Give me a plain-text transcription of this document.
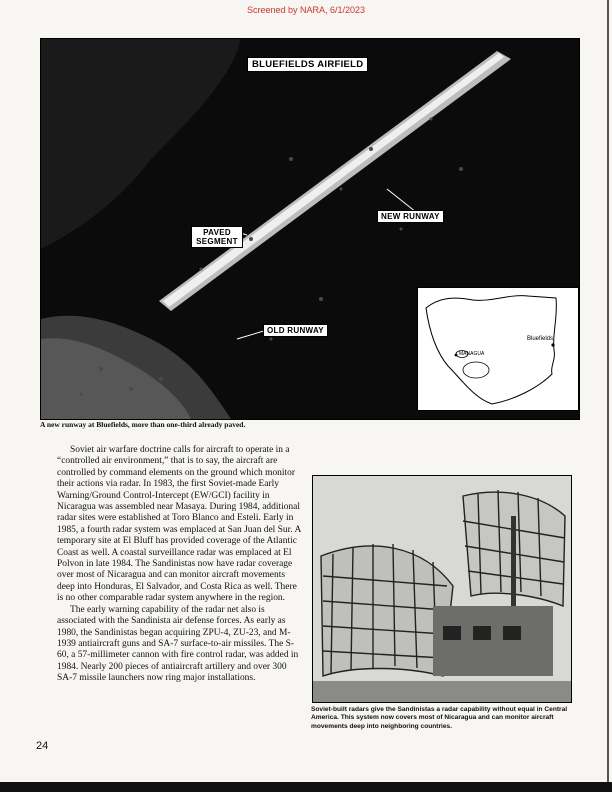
Screened by NARA, 6/1/2023
BLUEFIELDS AIRFIELD
NEW RUNWAY
PAVED
SEGMENT
OLD RUNWAY
Bluefields
MANAGUA
A new runway at Bluefields, more than one-third already paved.

Soviet air warfare doctrine calls for aircraft to operate in a “controlled air environment,” that is to say, the aircraft are controlled by command elements on the ground which monitor their actions via radar. In 1983, the first Soviet-made Early Warning/Ground Control-Intercept (EW/GCI) facility in Nicaragua was assembled near Masaya. During 1984, additional radar sites were established at Toro Blanco and Esteli. Early in 1985, a fourth radar system was emplaced at San Juan del Sur. A temporary site at El Bluff has provided coverage of the Atlantic Coast as well. A coastal surveillance radar was emplaced at El Polvon in late 1984. The Sandinistas now have radar coverage over most of Nicaragua and can monitor aircraft movements deep into Honduras, El Salvador, and Costa Rica as well. There is no other comparable radar system anywhere in the region.

The early warning capability of the radar net also is associated with the Sandinista air defense forces. As early as 1980, the Sandinistas began acquiring ZPU-4, ZU-23, and M-1939 antiaircraft guns and SA-7 surface-to-air missiles. The S-60, a 57-millimeter cannon with fire control radar, was added in 1984. Nearly 200 pieces of antiaircraft artillery and over 300 SA-7 missile launchers now ring major installations.

Soviet-built radars give the Sandinistas a radar capability without equal in Central America. This system now covers most of Nicaragua and can monitor aircraft movements deep into neighboring countries.
24
